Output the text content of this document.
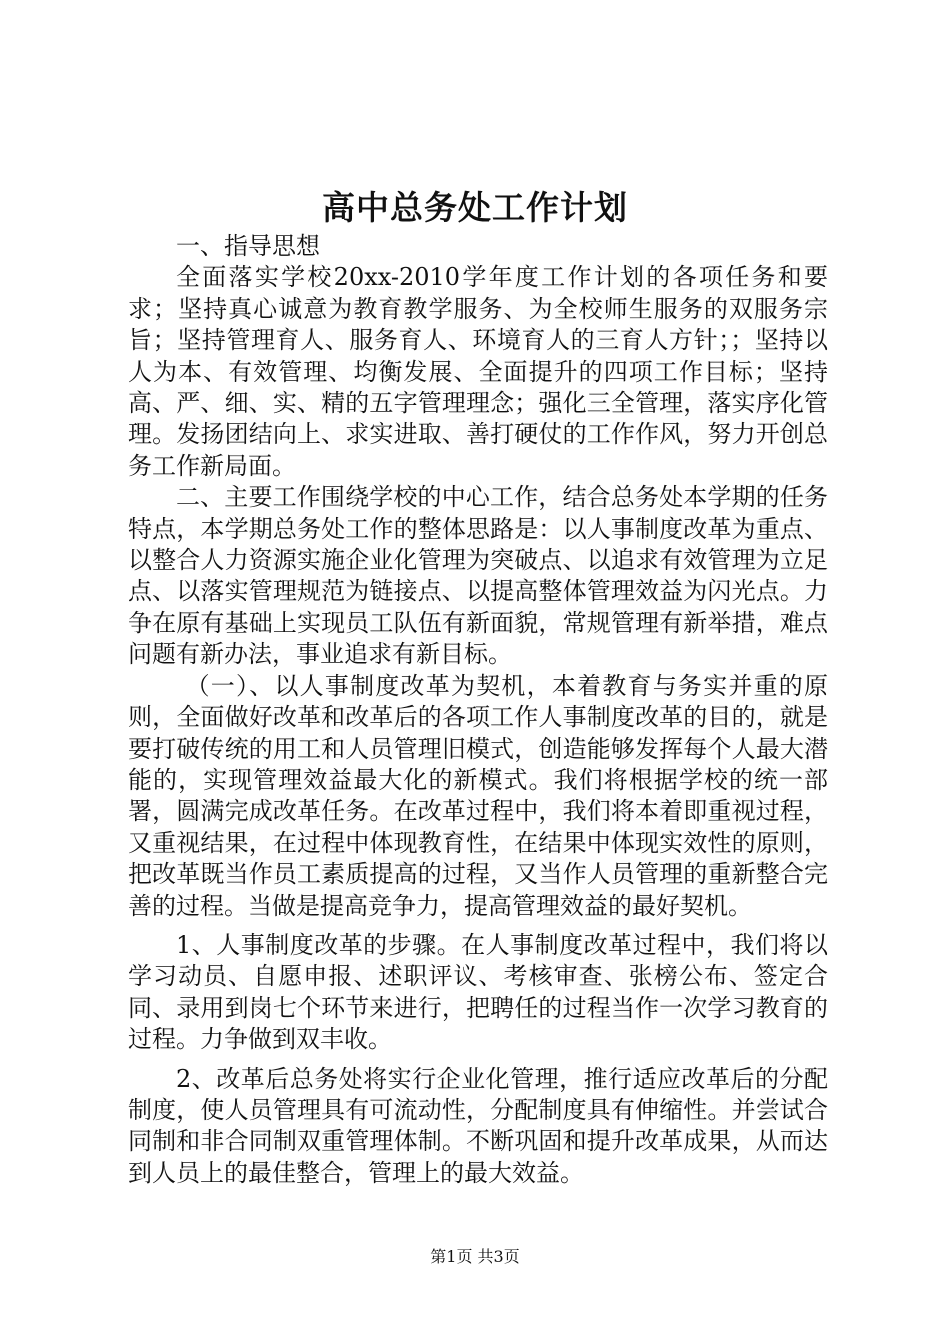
高中总务处工作计划

一、指导思想

全面落实学校20xx-2010学年度工作计划的各项任务和要求；坚持真心诚意为教育教学服务、为全校师生服务的双服务宗旨；坚持管理育人、服务育人、环境育人的三育人方针；；坚持以人为本、有效管理、均衡发展、全面提升的四项工作目标；坚持高、严、细、实、精的五字管理理念；强化三全管理，落实序化管理。发扬团结向上、求实进取、善打硬仗的工作作风，努力开创总务工作新局面。

二、主要工作围绕学校的中心工作，结合总务处本学期的任务特点，本学期总务处工作的整体思路是：以人事制度改革为重点、以整合人力资源实施企业化管理为突破点、以追求有效管理为立足点、以落实管理规范为链接点、以提高整体管理效益为闪光点。力争在原有基础上实现员工队伍有新面貌，常规管理有新举措，难点问题有新办法，事业追求有新目标。

（一）、以人事制度改革为契机，本着教育与务实并重的原则，全面做好改革和改革后的各项工作人事制度改革的目的，就是要打破传统的用工和人员管理旧模式，创造能够发挥每个人最大潜能的，实现管理效益最大化的新模式。我们将根据学校的统一部署，圆满完成改革任务。在改革过程中，我们将本着即重视过程，又重视结果，在过程中体现教育性，在结果中体现实效性的原则，把改革既当作员工素质提高的过程，又当作人员管理的重新整合完善的过程。当做是提高竞争力，提高管理效益的最好契机。

1、人事制度改革的步骤。在人事制度改革过程中，我们将以学习动员、自愿申报、述职评议、考核审查、张榜公布、签定合同、录用到岗七个环节来进行，把聘任的过程当作一次学习教育的过程。力争做到双丰收。

2、改革后总务处将实行企业化管理，推行适应改革后的分配制度，使人员管理具有可流动性，分配制度具有伸缩性。并尝试合同制和非合同制双重管理体制。不断巩固和提升改革成果，从而达到人员上的最佳整合，管理上的最大效益。

第1页 共3页
